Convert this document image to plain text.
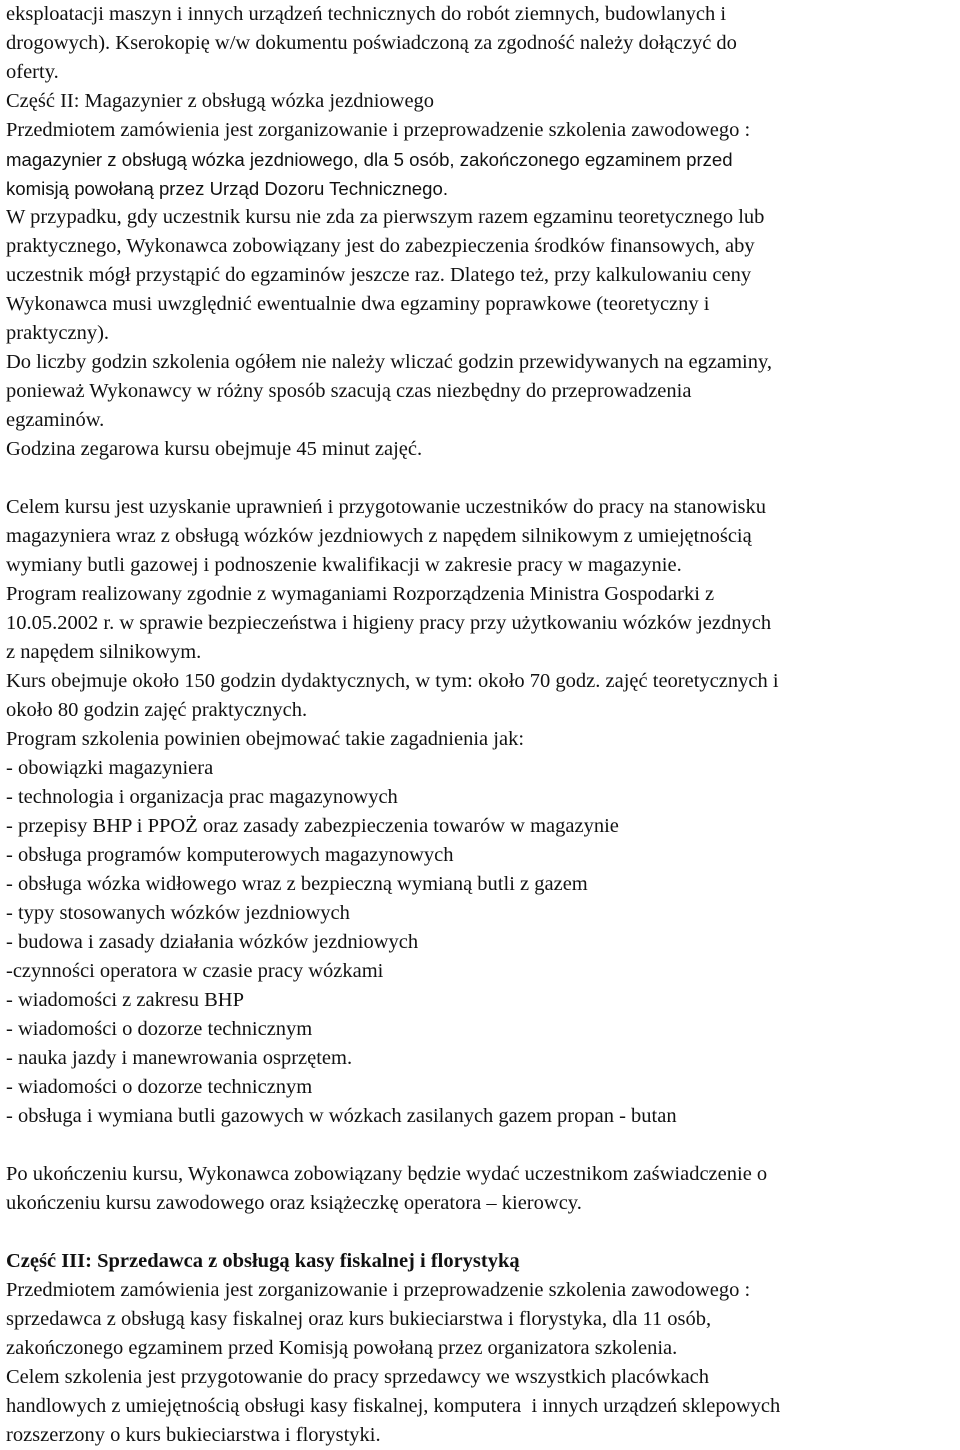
eksploatacji maszyn i innych urządzeń technicznych do robót ziemnych, budowlanych i
drogowych). Kserokopię w/w dokumentu poświadczoną za zgodność należy dołączyć do
oferty.
Część II: Magazynier z obsługą wózka jezdniowego
Przedmiotem zamówienia jest zorganizowanie i przeprowadzenie szkolenia zawodowego :
magazynier z obsługą wózka jezdniowego, dla 5 osób, zakończonego egzaminem przed
komisją powołaną przez Urząd Dozoru Technicznego.
W przypadku, gdy uczestnik kursu nie zda za pierwszym razem egzaminu teoretycznego lub
praktycznego, Wykonawca zobowiązany jest do zabezpieczenia środków finansowych, aby
uczestnik mógł przystąpić do egzaminów jeszcze raz. Dlatego też, przy kalkulowaniu ceny
Wykonawca musi uwzględnić ewentualnie dwa egzaminy poprawkowe (teoretyczny i
praktyczny).
Do liczby godzin szkolenia ogółem nie należy wliczać godzin przewidywanych na egzaminy,
ponieważ Wykonawcy w różny sposób szacują czas niezbędny do przeprowadzenia
egzaminów.
Godzina zegarowa kursu obejmuje 45 minut zajęć.
Celem kursu jest uzyskanie uprawnień i przygotowanie uczestników do pracy na stanowisku
magazyniera wraz z obsługą wózków jezdniowych z napędem silnikowym z umiejętnością
wymiany butli gazowej i podnoszenie kwalifikacji w zakresie pracy w magazynie.
Program realizowany zgodnie z wymaganiami Rozporządzenia Ministra Gospodarki z
10.05.2002 r. w sprawie bezpieczeństwa i higieny pracy przy użytkowaniu wózków jezdnych
z napędem silnikowym.
Kurs obejmuje około 150 godzin dydaktycznych, w tym: około 70 godz. zajęć teoretycznych i
około 80 godzin zajęć praktycznych.
Program szkolenia powinien obejmować takie zagadnienia jak:
- obowiązki magazyniera
- technologia i organizacja prac magazynowych
- przepisy BHP i PPOŻ oraz zasady zabezpieczenia towarów w magazynie
- obsługa programów komputerowych magazynowych
- obsługa wózka widłowego wraz z bezpieczną wymianą butli z gazem
- typy stosowanych wózków jezdniowych
- budowa i zasady działania wózków jezdniowych
-czynności operatora w czasie pracy wózkami
- wiadomości z zakresu BHP
- wiadomości o dozorze technicznym
- nauka jazdy i manewrowania osprzętem.
- wiadomości o dozorze technicznym
- obsługa i wymiana butli gazowych w wózkach zasilanych gazem propan - butan
Po ukończeniu kursu, Wykonawca zobowiązany będzie wydać uczestnikom zaświadczenie o
ukończeniu kursu zawodowego oraz książeczkę operatora – kierowcy.
Część III: Sprzedawca z obsługą kasy fiskalnej i florystyką
Przedmiotem zamówienia jest zorganizowanie i przeprowadzenie szkolenia zawodowego :
sprzedawca z obsługą kasy fiskalnej oraz kurs bukieciarstwa i florystyka, dla 11 osób,
zakończonego egzaminem przed Komisją powołaną przez organizatora szkolenia.
Celem szkolenia jest przygotowanie do pracy sprzedawcy we wszystkich placówkach
handlowych z umiejętnością obsługi kasy fiskalnej, komputera  i innych urządzeń sklepowych
rozszerzony o kurs bukieciarstwa i florystyki.
